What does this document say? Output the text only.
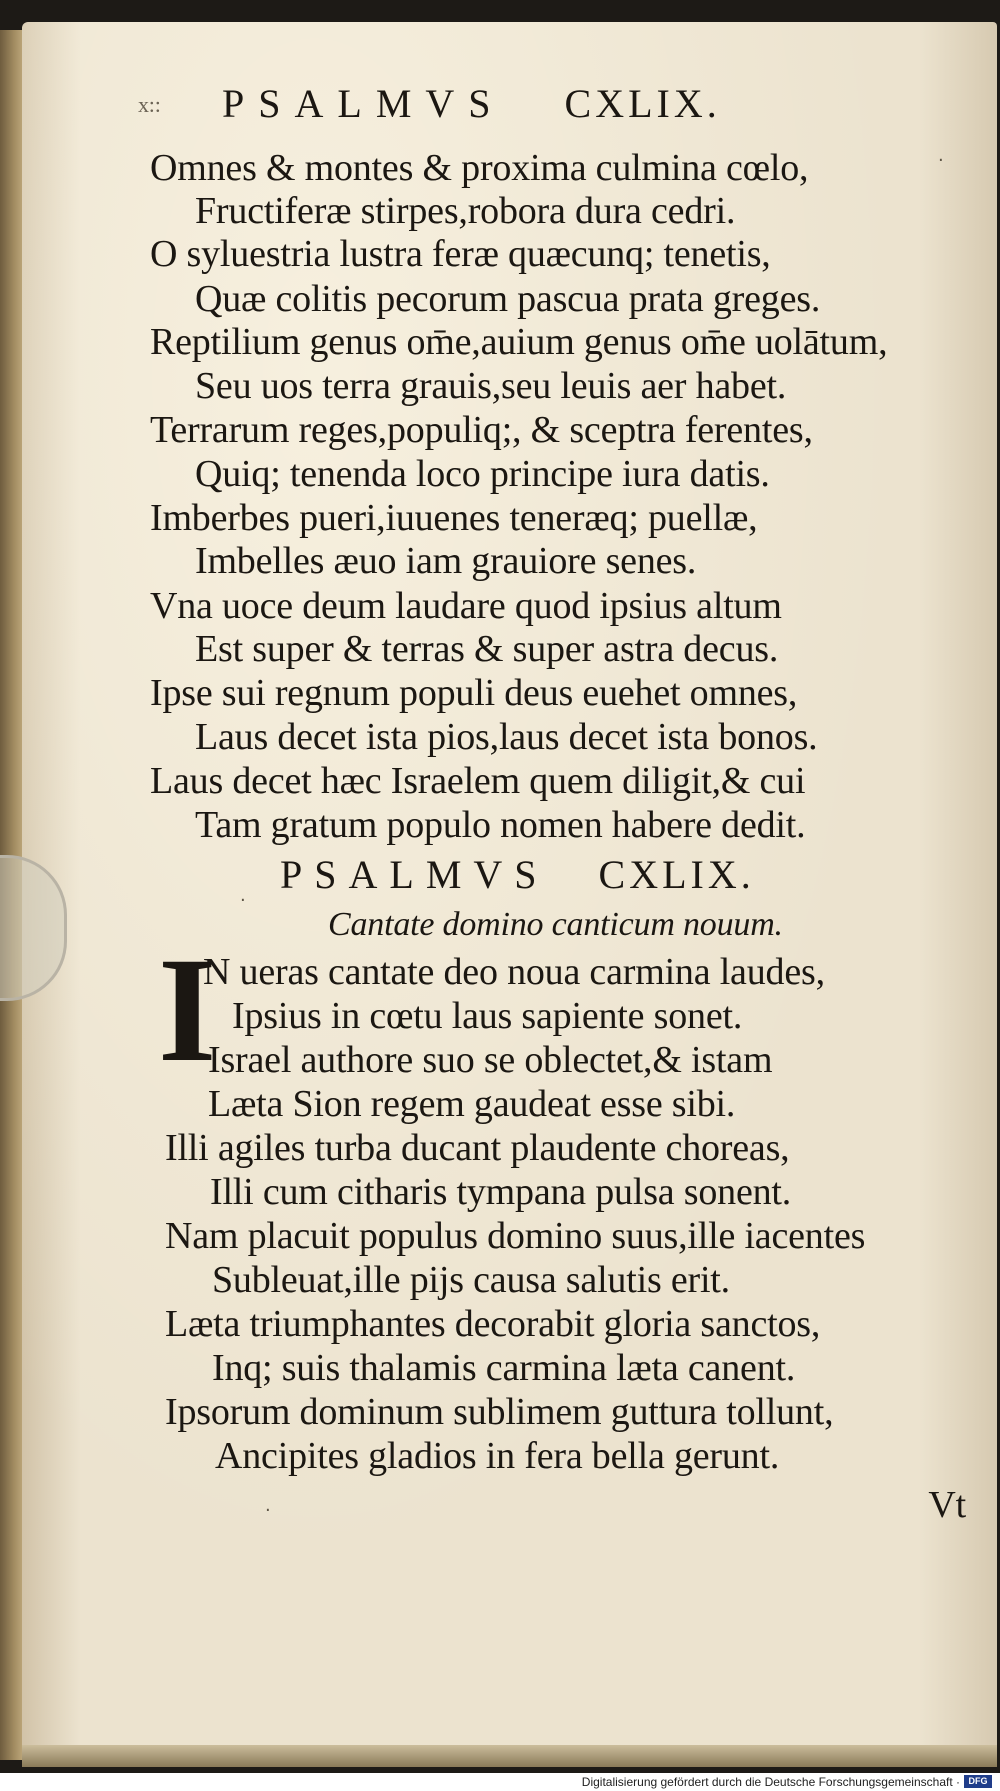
x:: PSALMVS CXLIX.
Omnes & montes & proxima culmina cœlo,
Fructiferæ stirpes,robora dura cedri.
O syluestria lustra feræ quæcunq; tenetis,
Quæ colitis pecorum pascua prata greges.
Reptilium genus om̄e,auium genus om̄e uolātum,
Seu uos terra grauis,seu leuis aer habet.
Terrarum reges,populiq;, & sceptra ferentes,
Quiq; tenenda loco principe iura datis.
Imberbes pueri,iuuenes teneræq; puellæ,
Imbelles æuo iam grauiore senes.
Vna uoce deum laudare quod ipsius altum
Est super & terras & super astra decus.
Ipse sui regnum populi deus euehet omnes,
Laus decet ista pios,laus decet ista bonos.
Laus decet hæc Israelem quem diligit,& cui
Tam gratum populo nomen habere dedit.
PSALMVS CXLIX.
Cantate domino canticum nouum.
I
N ueras cantate deo noua carmina laudes,
Ipsius in cœtu laus sapiente sonet.
Israel authore suo se oblectet,& istam
Læta Sion regem gaudeat esse sibi.
Illi agiles turba ducant plaudente choreas,
Illi cum citharis tympana pulsa sonent.
Nam placuit populus domino suus,ille iacentes
Subleuat,ille pijs causa salutis erit.
Læta triumphantes decorabit gloria sanctos,
Inq; suis thalamis carmina læta canent.
Ipsorum dominum sublimem guttura tollunt,
Ancipites gladios in fera bella gerunt.
Vt
·
·
·
Digitalisierung gefördert durch die Deutsche Forschungsgemeinschaft · DFG
